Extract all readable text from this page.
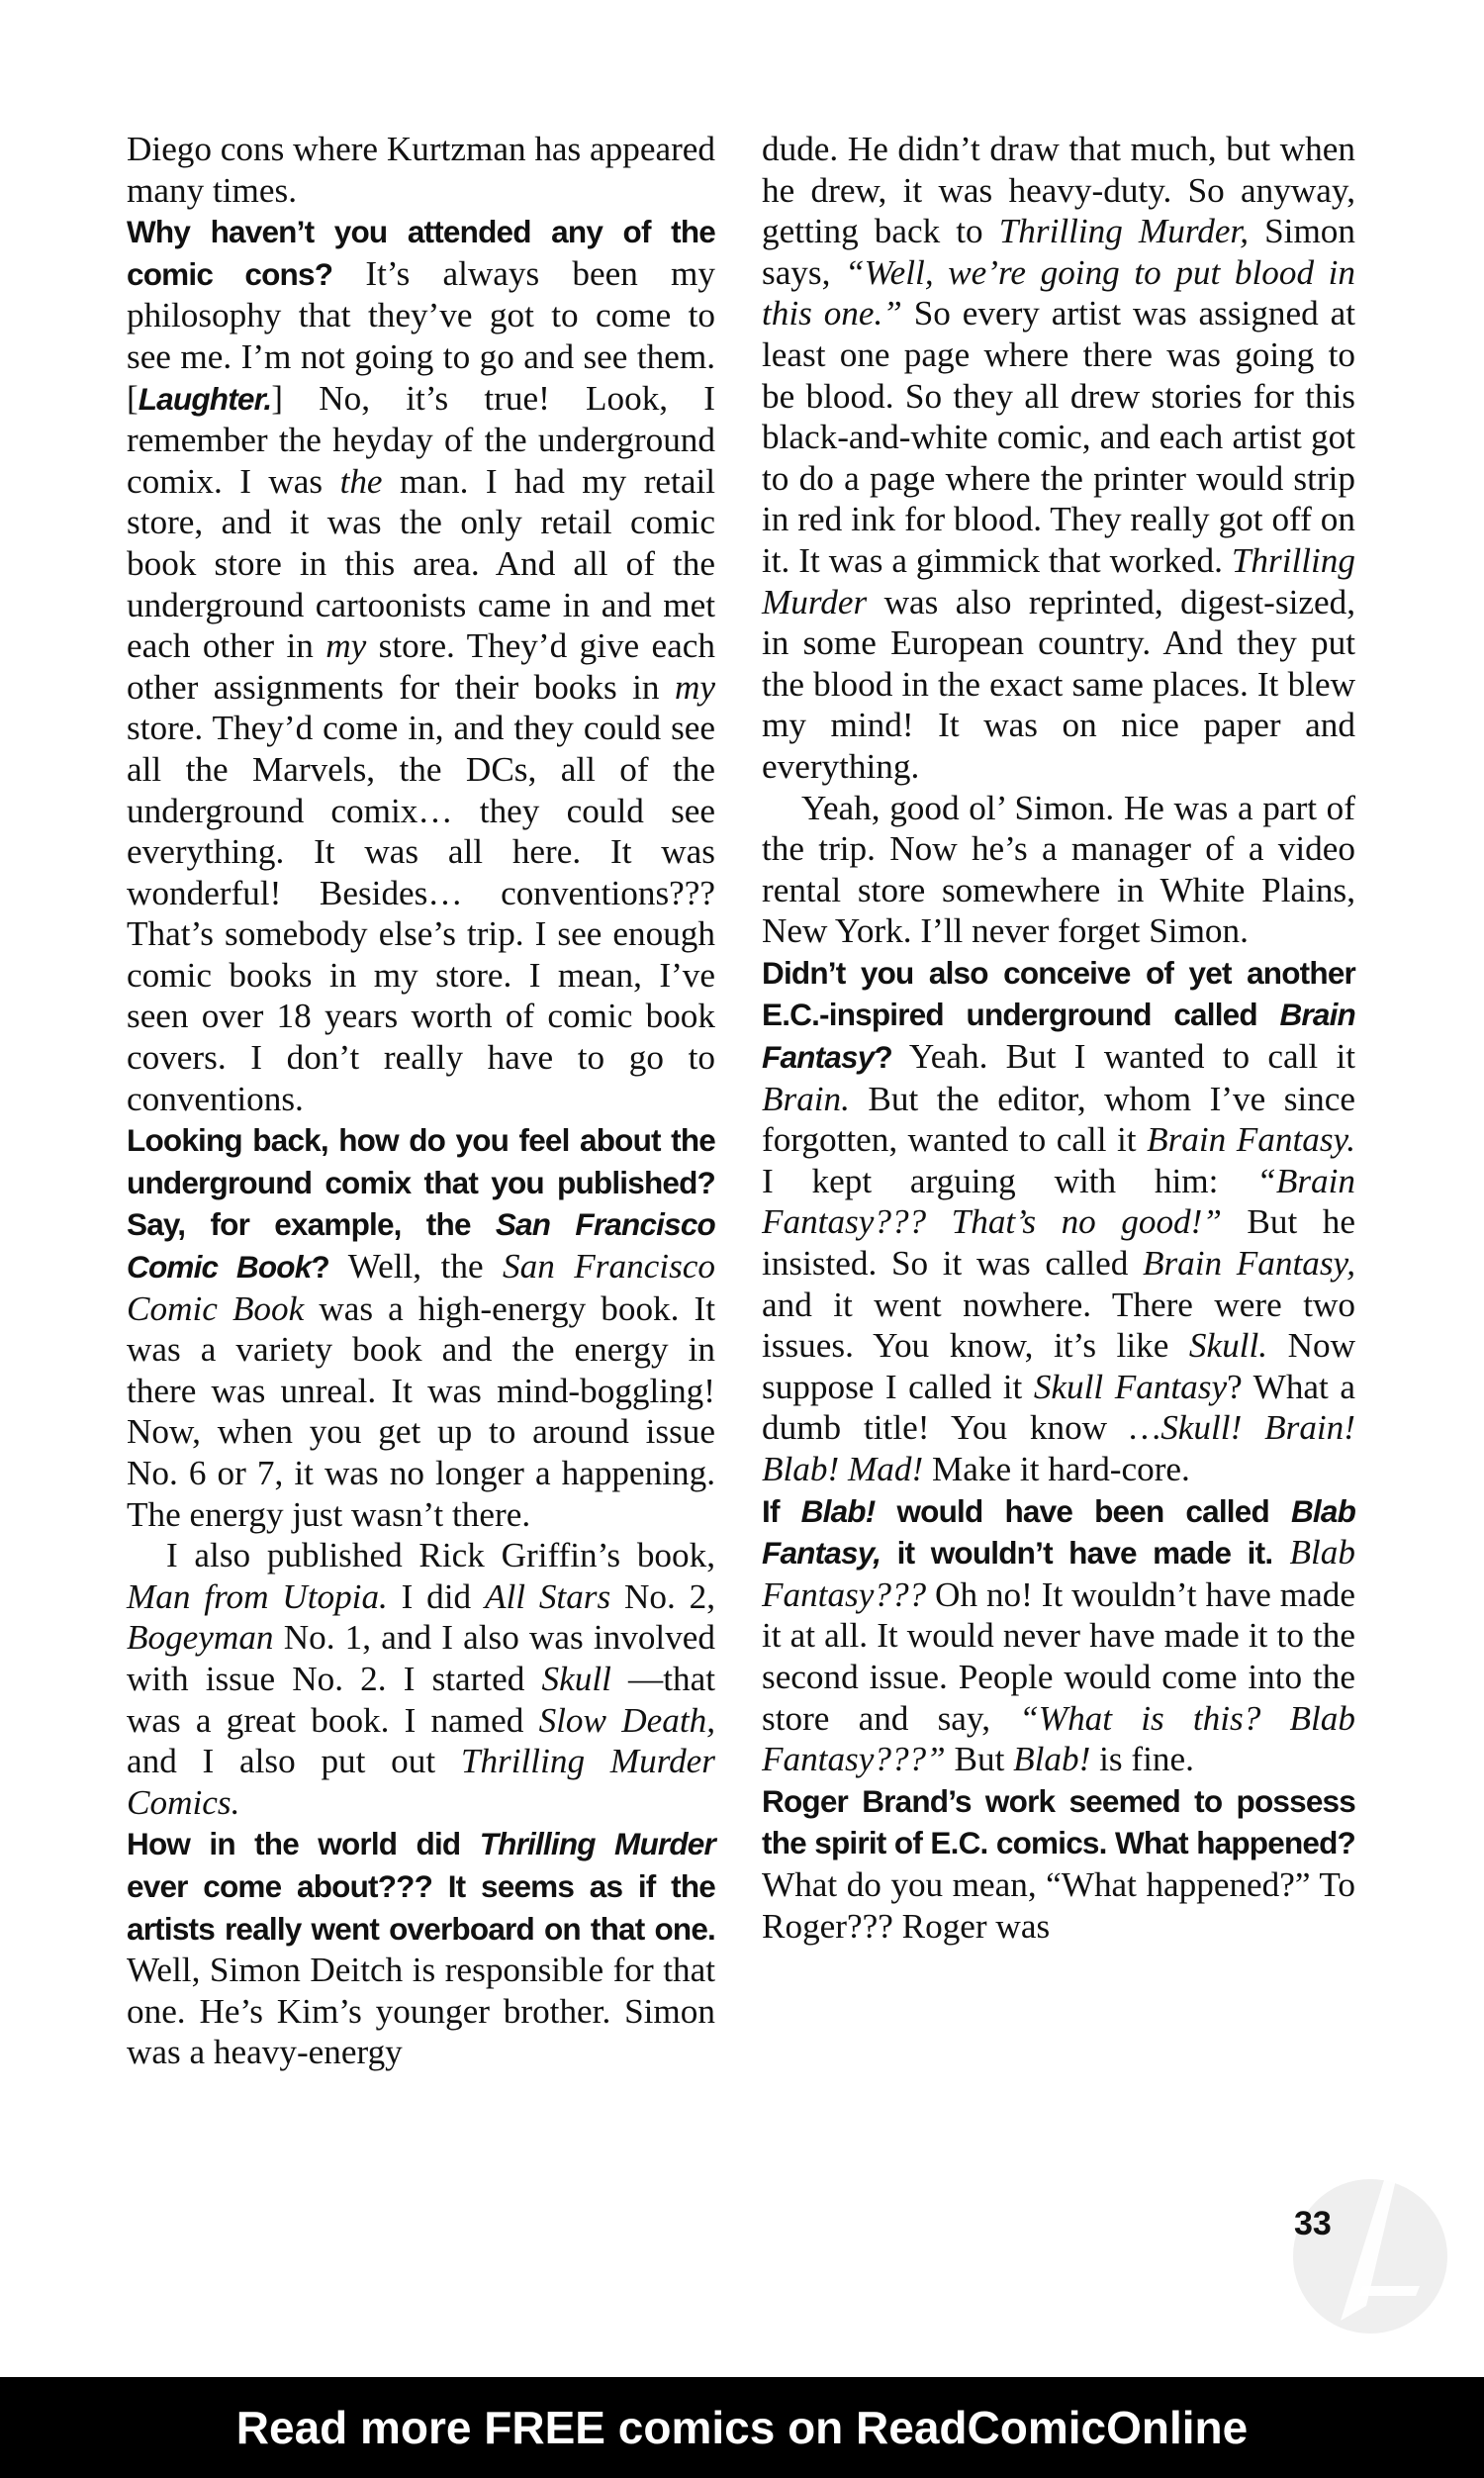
Diego cons where Kurtzman has appeared many times.

Why haven’t you attended any of the comic cons? It’s always been my philosophy that they’ve got to come to see me. I’m not going to go and see them. [Laughter.] No, it’s true! Look, I remember the heyday of the underground comix. I was the man. I had my retail store, and it was the only retail comic book store in this area. And all of the underground cartoonists came in and met each other in my store. They’d give each other assignments for their books in my store. They’d come in, and they could see all the Marvels, the DCs, all of the underground comix… they could see everything. It was all here. It was wonderful! Besides… conventions??? That’s somebody else’s trip. I see enough comic books in my store. I mean, I’ve seen over 18 years worth of comic book covers. I don’t really have to go to conventions.

Looking back, how do you feel about the underground comix that you published? Say, for example, the San Francisco Comic Book? Well, the San Francisco Comic Book was a high-energy book. It was a variety book and the energy in there was unreal. It was mind-boggling! Now, when you get up to around issue No. 6 or 7, it was no longer a happening. The energy just wasn’t there.

I also published Rick Griffin’s book, Man from Utopia. I did All Stars No. 2, Bogeyman No. 1, and I also was involved with issue No. 2. I started Skull —that was a great book. I named Slow Death, and I also put out Thrilling Murder Comics.

How in the world did Thrilling Murder ever come about??? It seems as if the artists really went overboard on that one. Well, Simon Deitch is responsible for that one. He’s Kim’s younger brother. Simon was a heavy-energy

dude. He didn’t draw that much, but when he drew, it was heavy-duty. So anyway, getting back to Thrilling Murder, Simon says, “Well, we’re going to put blood in this one.” So every artist was assigned at least one page where there was going to be blood. So they all drew stories for this black-and-white comic, and each artist got to do a page where the printer would strip in red ink for blood. They really got off on it. It was a gimmick that worked. Thrilling Murder was also reprinted, digest-sized, in some European country. And they put the blood in the exact same places. It blew my mind! It was on nice paper and everything.

Yeah, good ol’ Simon. He was a part of the trip. Now he’s a manager of a video rental store somewhere in White Plains, New York. I’ll never forget Simon.

Didn’t you also conceive of yet another E.C.-inspired underground called Brain Fantasy? Yeah. But I wanted to call it Brain. But the editor, whom I’ve since forgotten, wanted to call it Brain Fantasy. I kept arguing with him: “Brain Fantasy??? That’s no good!” But he insisted. So it was called Brain Fantasy, and it went nowhere. There were two issues. You know, it’s like Skull. Now suppose I called it Skull Fantasy? What a dumb title! You know …Skull! Brain! Blab! Mad! Make it hard-core.

If Blab! would have been called Blab Fantasy, it wouldn’t have made it. Blab Fantasy??? Oh no! It wouldn’t have made it at all. It would never have made it to the second issue. People would come into the store and say, “What is this? Blab Fantasy???” But Blab! is fine.

Roger Brand’s work seemed to possess the spirit of E.C. comics. What happened? What do you mean, “What happened?” To Roger??? Roger was

33
Read more FREE comics on ReadComicOnline
